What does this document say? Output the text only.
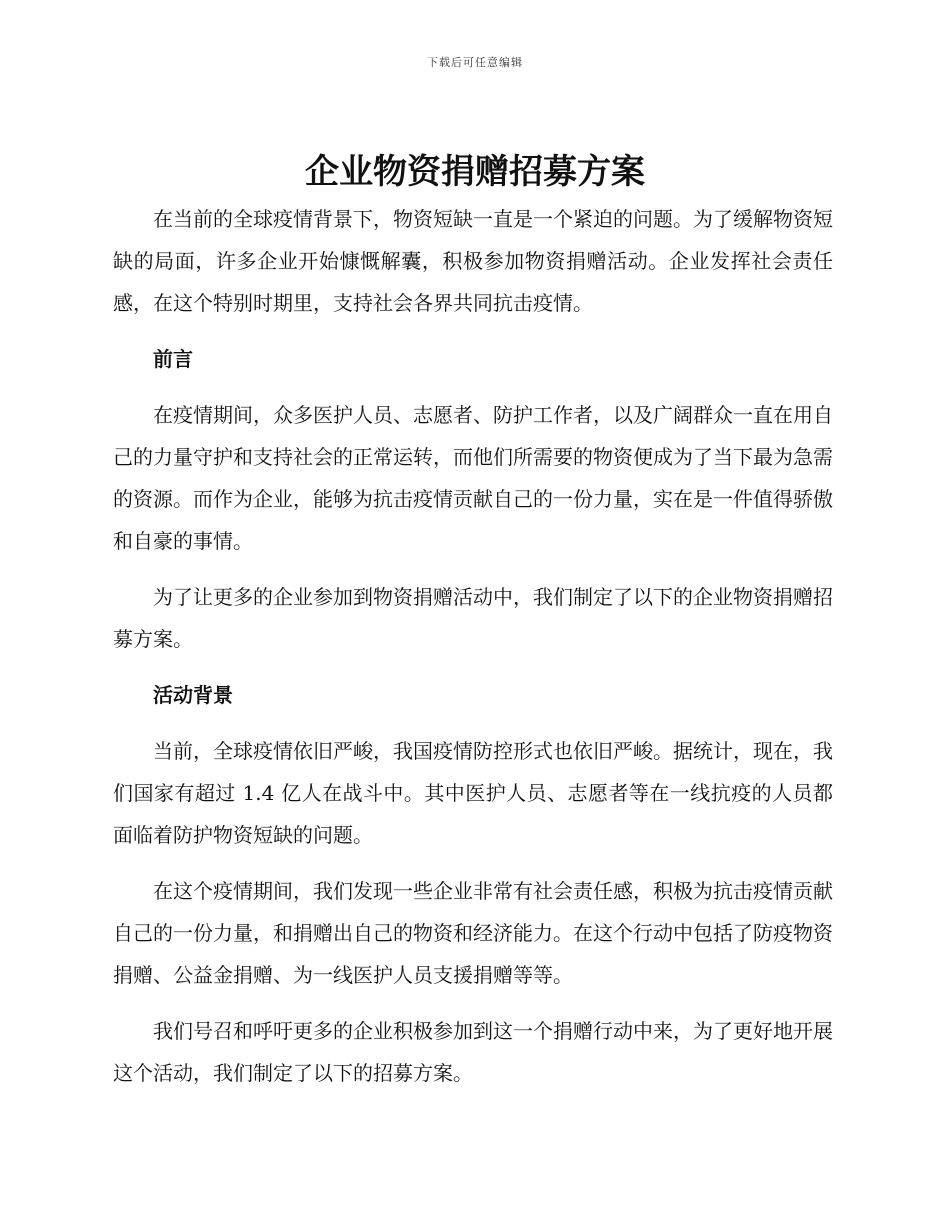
下载后可任意编辑
企业物资捐赠招募方案

在当前的全球疫情背景下，物资短缺一直是一个紧迫的问题。为了缓解物资短缺的局面，许多企业开始慷慨解囊，积极参加物资捐赠活动。企业发挥社会责任感，在这个特别时期里，支持社会各界共同抗击疫情。

前言

在疫情期间，众多医护人员、志愿者、防护工作者，以及广阔群众一直在用自己的力量守护和支持社会的正常运转，而他们所需要的物资便成为了当下最为急需的资源。而作为企业，能够为抗击疫情贡献自己的一份力量，实在是一件值得骄傲和自豪的事情。

为了让更多的企业参加到物资捐赠活动中，我们制定了以下的企业物资捐赠招募方案。

活动背景

当前，全球疫情依旧严峻，我国疫情防控形式也依旧严峻。据统计，现在，我们国家有超过 1.4 亿人在战斗中。其中医护人员、志愿者等在一线抗疫的人员都面临着防护物资短缺的问题。

在这个疫情期间，我们发现一些企业非常有社会责任感，积极为抗击疫情贡献自己的一份力量，和捐赠出自己的物资和经济能力。在这个行动中包括了防疫物资捐赠、公益金捐赠、为一线医护人员支援捐赠等等。

我们号召和呼吁更多的企业积极参加到这一个捐赠行动中来，为了更好地开展这个活动，我们制定了以下的招募方案。
